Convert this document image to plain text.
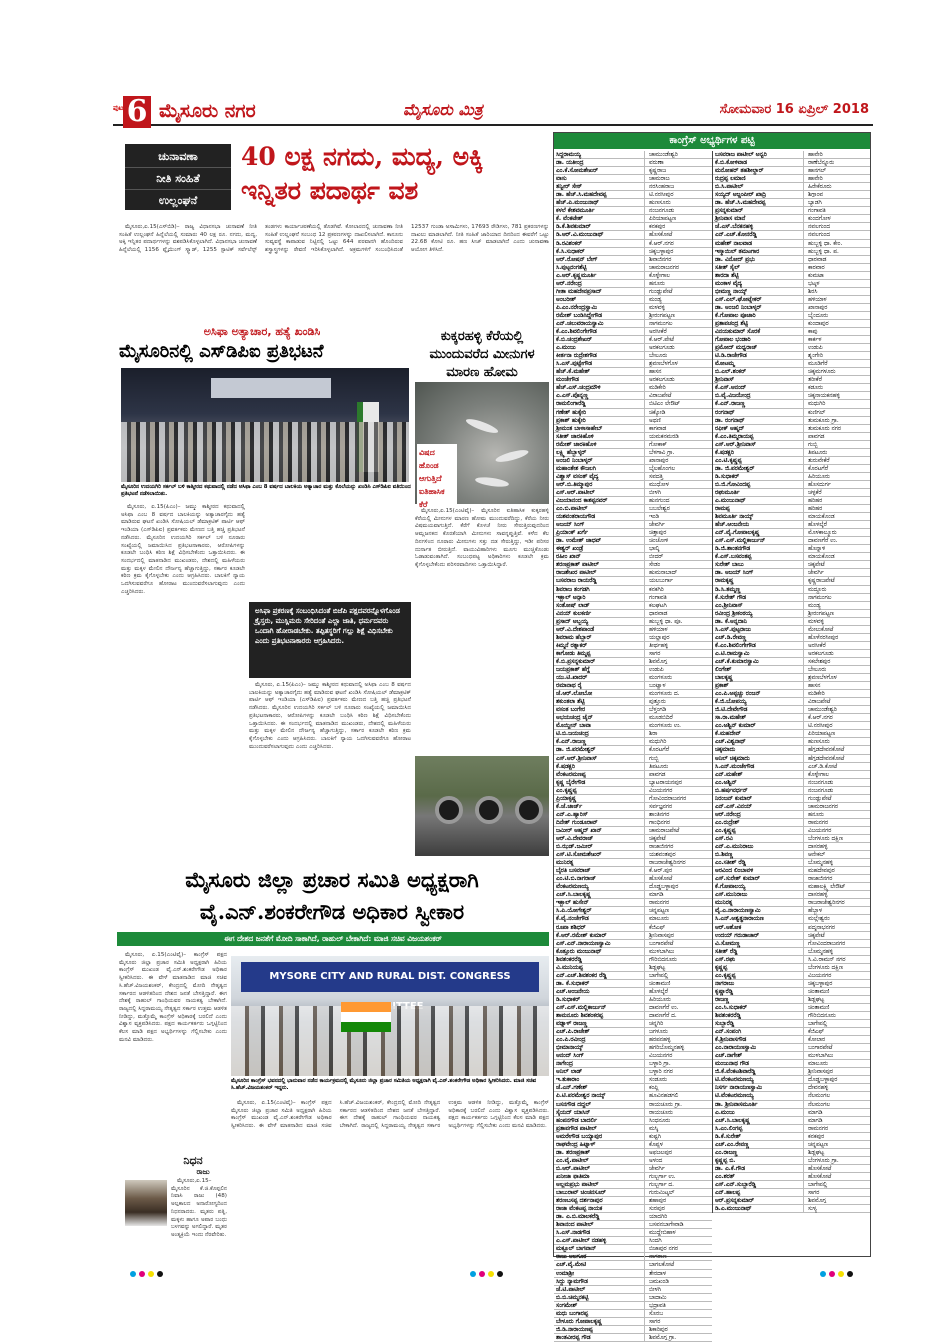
ಪುಟ 6 ಮೈಸೂರು ನಗರ	ಮೈಸೂರು ಮಿತ್ರ	ಸೋಮವಾರ 16 ಏಪ್ರಿಲ್ 2018
ಚುನಾವಣಾ
ನೀತಿ ಸಂಹಿತೆ
ಉಲ್ಲಂಘನೆ
40 ಲಕ್ಷ ನಗದು, ಮದ್ಯ, ಅಕ್ಕಿ ಇನ್ನಿತರ ಪದಾರ್ಥ ವಶ

ಮೈಸೂರು,ಏ.15(ಎಸ್‌ಬಿಡಿ)– ರಾಜ್ಯ ವಿಧಾನಸಭಾ ಚುನಾವಣೆ ನೀತಿ ಸಂಹಿತೆ ಉಲ್ಲಂಘನೆ ಹಿನ್ನೆಲೆಯಲ್ಲಿ ಸುಮಾರು 40 ಲಕ್ಷ ರೂ. ನಗದು, ಮದ್ಯ, ಅಕ್ಕಿ ಇನ್ನಿತರ ಪದಾರ್ಥಗಳನ್ನು ವಶಪಡಿಸಿಕೊಳ್ಳಲಾಗಿದೆ. ವಿಧಾನಸಭಾ ಚುನಾವಣೆ ಹಿನ್ನೆಲೆಯಲ್ಲಿ 1156 ಫ್ಲೈಯಿಂಗ್ ಸ್ಕ್ವಾಡ್, 1255 ಸ್ಟಾಟಿಕ್ ಸರ್ವೆಲೆನ್ಸ್ ತಂಡಗಳು ಕಾರ್ಯಾಚರಣೆಯಲ್ಲಿ ತೊಡಗಿವೆ. ಕೋಲಾರದಲ್ಲಿ ಚುನಾವಣಾ ನೀತಿ ಸಂಹಿತೆ ಉಲ್ಲಂಘನೆ ಸಂಬಂಧ 12 ಪ್ರಕರಣಗಳನ್ನು ದಾಖಲಿಸಲಾಗಿದೆ. ಕಾನೂನು ಸುವ್ಯವಸ್ಥೆ ಕಾಪಾಡುವ ನಿಟ್ಟಿನಲ್ಲಿ ಒಟ್ಟು 644 ಪರವಾನಗಿ ಹೊಂದಿರುವ ಶಸ್ತ್ರಾಸ್ತ್ರಗಳನ್ನು ಠೇವಣಿ ಇರಿಸಿಕೊಳ್ಳಲಾಗಿದೆ. ಅಕ್ರಮಗಳಿಗೆ ಸಂಬಂಧಿಸಿದಂತೆ 12537 ಗುಂಡಾ ಅಸಾಮಿಗಳು, 17693 ರೌಡಿಗಳು, 781 ಪ್ರಕರಣಗಳನ್ನು ದಾಖಲು ಮಾಡಲಾಗಿದೆ. ನೀತಿ ಸಂಹಿತೆ ಜಾರಿಯಾದ ದಿನದಿಂದ ಈವರೆಗೆ ಒಟ್ಟು 22.68 ಕೋಟಿ ರೂ. ಹಣ ಸೀಜ್ ಮಾಡಲಾಗಿದೆ ಎಂದು ಚುನಾವಣಾ ಆಯೋಗ ತಿಳಿಸಿದೆ.

ಅಸಿಫಾ ಅತ್ಯಾಚಾರ, ಹತ್ಯೆ ಖಂಡಿಸಿ
ಮೈಸೂರಿನಲ್ಲಿ ಎಸ್‌ಡಿಪಿಐ ಪ್ರತಿಭಟನೆ
ಮೈಸೂರಿನ ಉದಯಗಿರಿ ಸರ್ಕಲ್ ಬಳಿ ಕಾಶ್ಮೀರದ ಕಥುವಾದಲ್ಲಿ ನಡೆದ ಅಸಿಫಾ ಎಂಬ 8 ವರ್ಷದ ಬಾಲಕಿಯ ಅತ್ಯಾಚಾರ ಮತ್ತು ಕೊಲೆಯನ್ನು ಖಂಡಿಸಿ ಎಸ್‌ಡಿಪಿಐ ವತಿಯಿಂದ ಪ್ರತಿಭಟನೆ ನಡೆಸಲಾಯಿತು.

ಮೈಸೂರು, ಏ.15(ಪಿಎಂ)– ಜಮ್ಮು ಕಾಶ್ಮೀರದ ಕಥುವಾದಲ್ಲಿ ಅಸಿಫಾ ಎಂಬ 8 ವರ್ಷದ ಬಾಲಕಿಯನ್ನು ಅತ್ಯಾಚಾರಗೈದು ಹತ್ಯೆ ಮಾಡಿರುವ ಘಟನೆ ಖಂಡಿಸಿ ಸೋಷಿಯಲ್ ಡೆಮಾಕ್ರಟಿಕ್ ಪಾರ್ಟಿ ಆಫ್ ಇಂಡಿಯಾ (ಎಸ್‌ಡಿಪಿಐ) ಪ್ರವರ್ತಕರು ಮೇಣದ ಬತ್ತಿ ಹಚ್ಚಿ ಪ್ರತಿಭಟನೆ ನಡೆಸಿದರು. ಮೈಸೂರಿನ ಉದಯಗಿರಿ ಸರ್ಕಲ್ ಬಳಿ ನೂರಾರು ಸಂಖ್ಯೆಯಲ್ಲಿ ಜಮಾಯಿಸಿದ ಪ್ರತಿಭಟನಾಕಾರರು, ಆರೋಪಿಗಳನ್ನು ಕೂಡಲೇ ಬಂಧಿಸಿ ಕಠಿಣ ಶಿಕ್ಷೆ ವಿಧಿಸಬೇಕೆಂದು ಒತ್ತಾಯಿಸಿದರು. ಈ ಸಂದರ್ಭದಲ್ಲಿ ಮಾತನಾಡಿದ ಮುಖಂಡರು, ದೇಶದಲ್ಲಿ ಮಹಿಳೆಯರು ಮತ್ತು ಮಕ್ಕಳ ಮೇಲಿನ ದೌರ್ಜನ್ಯ ಹೆಚ್ಚಾಗುತ್ತಿದ್ದು, ಸರ್ಕಾರ ಕೂಡಲೇ ಕಠಿಣ ಕ್ರಮ ಕೈಗೊಳ್ಳಬೇಕು ಎಂದು ಆಗ್ರಹಿಸಿದರು. ಬಾಲಕಿಗೆ ನ್ಯಾಯ ಒದಗಿಸುವವರೆಗೂ ಹೋರಾಟ ಮುಂದುವರೆಸಲಾಗುವುದು ಎಂದು ಎಚ್ಚರಿಸಿದರು.

ಅಸಿಫಾ ಪ್ರಕರಣಕ್ಕೆ ಸಂಬಂಧಿಸಿದಂತೆ ಬಿಜೆಪಿ ಪಕ್ಷದವರನ್ನೊಳಗೊಂಡ ಕ್ರೈಸ್ತರು, ಮುಸ್ಲಿಮರು ಸೇರಿದಂತೆ ಎಲ್ಲಾ ಜಾತಿ, ಧರ್ಮದವರು ಒಂದಾಗಿ ಹೋರಾಡಬೇಕು. ತಪ್ಪಿತಸ್ಥರಿಗೆ ಗಲ್ಲು ಶಿಕ್ಷೆ ವಿಧಿಸಬೇಕು ಎಂದು ಪ್ರತಿಭಟನಾಕಾರರು ಆಗ್ರಹಿಸಿದರು.

ಮೈಸೂರು, ಏ.15(ಪಿಎಂ)– ಜಮ್ಮು ಕಾಶ್ಮೀರದ ಕಥುವಾದಲ್ಲಿ ಅಸಿಫಾ ಎಂಬ 8 ವರ್ಷದ ಬಾಲಕಿಯನ್ನು ಅತ್ಯಾಚಾರಗೈದು ಹತ್ಯೆ ಮಾಡಿರುವ ಘಟನೆ ಖಂಡಿಸಿ ಸೋಷಿಯಲ್ ಡೆಮಾಕ್ರಟಿಕ್ ಪಾರ್ಟಿ ಆಫ್ ಇಂಡಿಯಾ (ಎಸ್‌ಡಿಪಿಐ) ಪ್ರವರ್ತಕರು ಮೇಣದ ಬತ್ತಿ ಹಚ್ಚಿ ಪ್ರತಿಭಟನೆ ನಡೆಸಿದರು. ಮೈಸೂರಿನ ಉದಯಗಿರಿ ಸರ್ಕಲ್ ಬಳಿ ನೂರಾರು ಸಂಖ್ಯೆಯಲ್ಲಿ ಜಮಾಯಿಸಿದ ಪ್ರತಿಭಟನಾಕಾರರು, ಆರೋಪಿಗಳನ್ನು ಕೂಡಲೇ ಬಂಧಿಸಿ ಕಠಿಣ ಶಿಕ್ಷೆ ವಿಧಿಸಬೇಕೆಂದು ಒತ್ತಾಯಿಸಿದರು. ಈ ಸಂದರ್ಭದಲ್ಲಿ ಮಾತನಾಡಿದ ಮುಖಂಡರು, ದೇಶದಲ್ಲಿ ಮಹಿಳೆಯರು ಮತ್ತು ಮಕ್ಕಳ ಮೇಲಿನ ದೌರ್ಜನ್ಯ ಹೆಚ್ಚಾಗುತ್ತಿದ್ದು, ಸರ್ಕಾರ ಕೂಡಲೇ ಕಠಿಣ ಕ್ರಮ ಕೈಗೊಳ್ಳಬೇಕು ಎಂದು ಆಗ್ರಹಿಸಿದರು. ಬಾಲಕಿಗೆ ನ್ಯಾಯ ಒದಗಿಸುವವರೆಗೂ ಹೋರಾಟ ಮುಂದುವರೆಸಲಾಗುವುದು ಎಂದು ಎಚ್ಚರಿಸಿದರು.

ಕುಕ್ಕರಹಳ್ಳಿ ಕೆರೆಯಲ್ಲಿ ಮುಂದುವರೆದ ಮೀನುಗಳ ಮಾರಣ ಹೋಮ
ವಿಷದ ಹೊಂಡ ಆಗುತ್ತಿದೆ ಐತಿಹಾಸಿಕ ಕೆರೆ

ಮೈಸೂರು,ಏ.15(ಎಂಟಿವೈ)– ಮೈಸೂರಿನ ಐತಿಹಾಸಿಕ ಕುಕ್ಕರಹಳ್ಳಿ ಕೆರೆಯಲ್ಲಿ ಮೀನುಗಳ ಮಾರಣ ಹೋಮ ಮುಂದುವರೆದಿದ್ದು, ಕೆರೆಯ ನೀರು ವಿಷಮಯವಾಗುತ್ತಿದೆ. ಕೆರೆಗೆ ಕೊಳಚೆ ನೀರು ಸೇರುತ್ತಿರುವುದರಿಂದ ಆಮ್ಲಜನಕದ ಕೊರತೆಯಾಗಿ ಮೀನುಗಳು ಸಾವನ್ನಪ್ಪುತ್ತಿವೆ. ಕಳೆದ ಕೆಲ ದಿನಗಳಿಂದ ನೂರಾರು ಮೀನುಗಳು ಸತ್ತು ದಡ ಸೇರುತ್ತಿದ್ದು, ಇಡೀ ಪರಿಸರ ದುರ್ನಾತ ಬೀರುತ್ತಿದೆ. ವಾಯುವಿಹಾರಿಗಳು ಮೂಗು ಮುಚ್ಚಿಕೊಂಡು ಓಡಾಡುವಂತಾಗಿದೆ. ಸಂಬಂಧಪಟ್ಟ ಅಧಿಕಾರಿಗಳು ಕೂಡಲೇ ಕ್ರಮ ಕೈಗೊಳ್ಳಬೇಕೆಂದು ಪರಿಸರವಾದಿಗಳು ಒತ್ತಾಯಿಸಿದ್ದಾರೆ.

ಮೈಸೂರು ಜಿಲ್ಲಾ ಪ್ರಚಾರ ಸಮಿತಿ ಅಧ್ಯಕ್ಷರಾಗಿ ವೈ.ಎನ್.ಶಂಕರೇಗೌಡ ಅಧಿಕಾರ ಸ್ವೀಕಾರ
ಈಗ ದೇಶದ ಜನತೆಗೆ ಮೋದಿ ಸಾಕಾಗಿದೆ, ರಾಹುಲ್ ಬೇಕಾಗಿದೆ: ಮಾಜಿ ಸಚಿವ ವಿಜಯಶಂಕರ್

ಮೈಸೂರು, ಏ.15(ಎಂಟಿವೈ)– ಕಾಂಗ್ರೆಸ್ ಪಕ್ಷದ ಮೈಸೂರು ಜಿಲ್ಲಾ ಪ್ರಚಾರ ಸಮಿತಿ ಅಧ್ಯಕ್ಷರಾಗಿ ಹಿರಿಯ ಕಾಂಗ್ರೆಸ್ ಮುಖಂಡ ವೈ.ಎನ್.ಶಂಕರೇಗೌಡ ಅಧಿಕಾರ ಸ್ವೀಕರಿಸಿದರು. ಈ ವೇಳೆ ಮಾತನಾಡಿದ ಮಾಜಿ ಸಚಿವ ಸಿ.ಹೆಚ್.ವಿಜಯಶಂಕರ್, ಕೇಂದ್ರದಲ್ಲಿ ಮೋದಿ ನೇತೃತ್ವದ ಸರ್ಕಾರದ ಆಡಳಿತದಿಂದ ದೇಶದ ಜನತೆ ಬೇಸತ್ತಿದ್ದಾರೆ. ಈಗ ದೇಶಕ್ಕೆ ರಾಹುಲ್ ಗಾಂಧಿಯವರ ನಾಯಕತ್ವ ಬೇಕಾಗಿದೆ. ರಾಜ್ಯದಲ್ಲಿ ಸಿದ್ದರಾಮಯ್ಯ ನೇತೃತ್ವದ ಸರ್ಕಾರ ಉತ್ತಮ ಆಡಳಿತ ನೀಡಿದ್ದು, ಮತ್ತೊಮ್ಮೆ ಕಾಂಗ್ರೆಸ್ ಅಧಿಕಾರಕ್ಕೆ ಬರಲಿದೆ ಎಂದು ವಿಶ್ವಾಸ ವ್ಯಕ್ತಪಡಿಸಿದರು. ಪಕ್ಷದ ಕಾರ್ಯಕರ್ತರು ಒಗ್ಗಟ್ಟಿನಿಂದ ಕೆಲಸ ಮಾಡಿ ಪಕ್ಷದ ಅಭ್ಯರ್ಥಿಗಳನ್ನು ಗೆಲ್ಲಿಸಬೇಕು ಎಂದು ಮನವಿ ಮಾಡಿದರು.

MYSORE CITY AND RURAL DIST. CONGRESS
ಮೈಸೂರಿನ ಕಾಂಗ್ರೆಸ್ ಭವನದಲ್ಲಿ ಭಾನುವಾರ ನಡೆದ ಕಾರ್ಯಕ್ರಮದಲ್ಲಿ ಮೈಸೂರು ಜಿಲ್ಲಾ ಪ್ರಚಾರ ಸಮಿತಿಯ ಅಧ್ಯಕ್ಷರಾಗಿ ವೈ.ಎನ್.ಶಂಕರೇಗೌಡ ಅಧಿಕಾರ ಸ್ವೀಕರಿಸಿದರು. ಮಾಜಿ ಸಚಿವ ಸಿ.ಹೆಚ್.ವಿಜಯಶಂಕರ್ ಇದ್ದರು.

ಮೈಸೂರು, ಏ.15(ಎಂಟಿವೈ)– ಕಾಂಗ್ರೆಸ್ ಪಕ್ಷದ ಮೈಸೂರು ಜಿಲ್ಲಾ ಪ್ರಚಾರ ಸಮಿತಿ ಅಧ್ಯಕ್ಷರಾಗಿ ಹಿರಿಯ ಕಾಂಗ್ರೆಸ್ ಮುಖಂಡ ವೈ.ಎನ್.ಶಂಕರೇಗೌಡ ಅಧಿಕಾರ ಸ್ವೀಕರಿಸಿದರು. ಈ ವೇಳೆ ಮಾತನಾಡಿದ ಮಾಜಿ ಸಚಿವ ಸಿ.ಹೆಚ್.ವಿಜಯಶಂಕರ್, ಕೇಂದ್ರದಲ್ಲಿ ಮೋದಿ ನೇತೃತ್ವದ ಸರ್ಕಾರದ ಆಡಳಿತದಿಂದ ದೇಶದ ಜನತೆ ಬೇಸತ್ತಿದ್ದಾರೆ. ಈಗ ದೇಶಕ್ಕೆ ರಾಹುಲ್ ಗಾಂಧಿಯವರ ನಾಯಕತ್ವ ಬೇಕಾಗಿದೆ. ರಾಜ್ಯದಲ್ಲಿ ಸಿದ್ದರಾಮಯ್ಯ ನೇತೃತ್ವದ ಸರ್ಕಾರ ಉತ್ತಮ ಆಡಳಿತ ನೀಡಿದ್ದು, ಮತ್ತೊಮ್ಮೆ ಕಾಂಗ್ರೆಸ್ ಅಧಿಕಾರಕ್ಕೆ ಬರಲಿದೆ ಎಂದು ವಿಶ್ವಾಸ ವ್ಯಕ್ತಪಡಿಸಿದರು. ಪಕ್ಷದ ಕಾರ್ಯಕರ್ತರು ಒಗ್ಗಟ್ಟಿನಿಂದ ಕೆಲಸ ಮಾಡಿ ಪಕ್ಷದ ಅಭ್ಯರ್ಥಿಗಳನ್ನು ಗೆಲ್ಲಿಸಬೇಕು ಎಂದು ಮನವಿ ಮಾಡಿದರು.

ನಿಧನ
ರಾಜು

ಮೈಸೂರು,ಏ.15– ಮೈಸೂರಿನ ಕೆ.ಜಿ.ಕೊಪ್ಪಲಿನ ನಿವಾಸಿ ರಾಜು (48) ಅಲ್ಪಕಾಲದ ಅನಾರೋಗ್ಯದಿಂದ ನಿಧನರಾದರು. ಮೃತರು ಪತ್ನಿ, ಮಕ್ಕಳು ಹಾಗೂ ಅಪಾರ ಬಂಧು ಬಳಗವನ್ನು ಅಗಲಿದ್ದಾರೆ. ಮೃತರ ಅಂತ್ಯಕ್ರಿಯೆ ಇಂದು ನೆರವೇರಿತು.

ಕಾಂಗ್ರೆಸ್ ಅಭ್ಯರ್ಥಿಗಳ ಪಟ್ಟಿ
ಸಿದ್ದರಾಮಯ್ಯ	ಚಾಮುಂಡೇಶ್ವರಿ
ಡಾ. ಯತೀಂದ್ರ	ವರುಣಾ
ಎಂ.ಕೆ.ಸೋಮಶೇಖರ್	ಕೃಷ್ಣರಾಜ
ವಾಸು	ಚಾಮರಾಜ
ತನ್ವೀರ್ ಸೇಠ್	ನರಸಿಂಹರಾಜ
ಡಾ. ಹೆಚ್.ಸಿ.ಮಹದೇವಪ್ಪ	ಟಿ.ನರಸೀಪುರ
ಹೆಚ್.ಪಿ.ಮಂಜುನಾಥ್	ಹುಣಸೂರು
ಕಳಲೆ ಕೇಶವಮೂರ್ತಿ	ನಂಜನಗೂಡು
ಕೆ. ವೆಂಕಟೇಶ್	ಪಿರಿಯಾಪಟ್ಟಣ
ಡಿ.ಕೆ.ಶಿವಕುಮಾರ್	ಕನಕಪುರ
ಡಿ.ಆರ್.ವಿ.ಮಂಜುನಾಥ್	ಹೊಸಕೋಟೆ
ಡಿ.ರವಿಶಂಕರ್	ಕೆ.ಆರ್.ನಗರ
ಕೆ.ಸಿ.ಸುಧಾಕರ್	ಚಿಕ್ಕಬಳ್ಳಾಪುರ
ಆರ್.ರೋಷನ್ ಬೇಗ್	ಶಿವಾಜಿನಗರ
ಸಿ.ಪುಟ್ಟರಂಗಶೆಟ್ಟಿ	ಚಾಮರಾಜನಗರ
ಎ.ಆರ್.ಕೃಷ್ಣಮೂರ್ತಿ	ಕೊಳ್ಳೇಗಾಲ
ಆರ್.ನರೇಂದ್ರ	ಹನೂರು
ಗೀತಾ ಮಹದೇವಪ್ರಸಾದ್	ಗುಂಡ್ಲುಪೇಟೆ
ಅಂಬರೀಶ್	ಮಂಡ್ಯ
ಪಿ.ಎಂ.ನರೇಂದ್ರಸ್ವಾಮಿ	ಮಳವಳ್ಳಿ
ರಮೇಶ್ ಬಂಡಿಸಿದ್ದೇಗೌಡ	ಶ್ರೀರಂಗಪಟ್ಟಣ
ಎನ್.ಚಲುವರಾಯಸ್ವಾಮಿ	ನಾಗಮಂಗಲ
ಕೆ.ಎಂ.ಶಿವಲಿಂಗೇಗೌಡ	ಅರಸೀಕೆರೆ
ಕೆ.ಬಿ.ಚಂದ್ರಶೇಖರ್	ಕೆ.ಆರ್.ಪೇಟೆ
ಎ.ಮಂಜು	ಅರಕಲಗೂಡು
ಕೀರ್ತನಾ ರುದ್ರೇಶಗೌಡ	ಬೇಲೂರು
ಸಿ.ಎಸ್.ಪುಟ್ಟೇಗೌಡ	ಶ್ರವಣಬೆಳಗೊಳ
ಹೆಚ್.ಕೆ.ಮಹೇಶ್	ಹಾಸನ
ಮಂಜೇಗೌಡ	ಅರಕಲಗೂಡು
ಹೆಚ್.ಎಸ್.ಚಂದ್ರಮೌಳಿ	ಮಡಿಕೇರಿ
ಎ.ಎಸ್.ಪೊನ್ನಣ್ಣ	ವಿರಾಜಪೇಟೆ
ರಾಮಲಿಂಗಾರೆಡ್ಡಿ	ಬಿಟಿಎಂ ಲೇಔಟ್
ಗಣೇಶ್ ಹುಕ್ಕೇರಿ	ಚಿಕ್ಕೋಡಿ
ಪ್ರಕಾಶ್ ಹುಕ್ಕೇರಿ	ಅಥಣಿ
ಶ್ರೀಮಂತ ಬಾಳಾಸಾಹೇಬ್	ಕಾಗವಾಡ
ಸತೀಶ್ ಜಾರಕಿಹೊಳಿ	ಯಮಕನಮರಡಿ
ರಮೇಶ್ ಜಾರಕಿಹೊಳಿ	ಗೋಕಾಕ್
ಲಕ್ಷ್ಮಿ ಹೆಬ್ಬಾಳ್ಕರ್	ಬೆಳಗಾವಿ ಗ್ರಾ.
ಅಂಜಲಿ ನಿಂಬಾಳ್ಕರ್	ಖಾನಾಪುರ
ಮಹಾಂತೇಶ ಕೌಜಲಗಿ	ಬೈಲಹೊಂಗಲ
ವಿಶ್ವಾಸ್ ವಸಂತ್ ವೈದ್ಯ	ಸವದತ್ತಿ
ಆರ್.ಬಿ.ತಿಮ್ಮಾಪುರ	ಮುಧೋಳ
ಎಸ್.ಆರ್.ಪಾಟೀಲ್	ಬೀಳಗಿ
ವಿಜಯಾನಂದ ಕಾಶಪ್ಪನವರ್	ಹುನಗುಂದ
ಎಂ.ಬಿ.ಪಾಟೀಲ್	ಬಬಲೇಶ್ವರ
ಯಶವಂತರಾಯಗೌಡ	ಇಂಡಿ
ಅಜಯ್ ಸಿಂಗ್	ಜೇವರ್ಗಿ
ಪ್ರಿಯಾಂಕ್ ಖರ್ಗೆ	ಚಿತ್ತಾಪುರ
ಡಾ. ಉಮೇಶ್ ಜಾಧವ್	ಚಿಂಚೋಳಿ
ಈಶ್ವರ್ ಖಂಡ್ರೆ	ಭಾಲ್ಕಿ
ರಹೀಂ ಖಾನ್	ಬೀದರ್
ಶರಣಪ್ರಕಾಶ್ ಪಾಟೀಲ್	ಸೇಡಂ
ರಾಜಶೇಖರ ಪಾಟೀಲ್	ಹುಮನಾಬಾದ್
ಬಸವರಾಜ ರಾಯರೆಡ್ಡಿ	ಯಲಬುರ್ಗಾ
ಶಿವರಾಜ ತಂಗಡಗಿ	ಕನಕಗಿರಿ
ಇಕ್ಬಾಲ್ ಅನ್ಸಾರಿ	ಗಂಗಾವತಿ
ಸಂತೋಷ್ ಲಾಡ್	ಕಲಘಟಗಿ
ವಿನಯ್ ಕುಲಕರ್ಣಿ	ಧಾರವಾಡ
ಪ್ರಸಾದ್ ಅಬ್ಬಯ್ಯ	ಹುಬ್ಬಳ್ಳಿ ಧಾ. ಪೂ.
ಆರ್.ವಿ.ದೇಶಪಾಂಡೆ	ಹಳಿಯಾಳ
ಶಿವರಾಮ ಹೆಬ್ಬಾರ್	ಯಲ್ಲಾಪುರ
ಕಿಮ್ಮನೆ ರತ್ನಾಕರ್	ತೀರ್ಥಹಳ್ಳಿ
ಕಾಗೋಡು ತಿಮ್ಮಪ್ಪ	ಸಾಗರ
ಕೆ.ಬಿ.ಪ್ರಸನ್ನಕುಮಾರ್	ಶಿವಮೊಗ್ಗ
ಜಯಪ್ರಕಾಶ್ ಹೆಗ್ಡೆ	ಉಡುಪಿ
ಯು.ಟಿ.ಖಾದರ್	ಮಂಗಳೂರು
ರಮಾನಾಥ ರೈ	ಬಂಟ್ವಾಳ
ಜೆ.ಆರ್.ಲೋಬೋ	ಮಂಗಳೂರು ದ.
ಶಕುಂತಲಾ ಶೆಟ್ಟಿ	ಪುತ್ತೂರು
ವಸಂತ ಬಂಗೇರ	ಬೆಳ್ತಂಗಡಿ
ಅಭಯಚಂದ್ರ ಜೈನ್	ಮೂಡಬಿದಿರೆ
ಮೊಯ್ದೀನ್ ಬಾವಾ	ಮಂಗಳೂರು ಉ.
ಟಿ.ಬಿ.ಜಯಚಂದ್ರ	ಶಿರಾ
ಕೆ.ಎನ್.ರಾಜಣ್ಣ	ಮಧುಗಿರಿ
ಡಾ. ಜಿ.ಪರಮೇಶ್ವರ್	ಕೊರಟಗೆರೆ
ಎಸ್.ಆರ್.ಶ್ರೀನಿವಾಸ್	ಗುಬ್ಬಿ
ಕೆ.ಷಡಕ್ಷರಿ	ತಿಪಟೂರು
ವೆಂಕಟರಮಣಪ್ಪ	ಪಾವಗಡ
ಕೃಷ್ಣ ಬೈರೇಗೌಡ	ಬ್ಯಾಟರಾಯನಪುರ
ಎಂ.ಕೃಷ್ಣಪ್ಪ	ವಿಜಯನಗರ
ಪ್ರಿಯಾಕೃಷ್ಣ	ಗೋವಿಂದರಾಜನಗರ
ಕೆ.ಜೆ.ಜಾರ್ಜ್	ಸರ್ವಜ್ಞನಗರ
ಎನ್.ಎ.ಹ್ಯಾರಿಸ್	ಶಾಂತಿನಗರ
ದಿನೇಶ್ ಗುಂಡೂರಾವ್	ಗಾಂಧಿನಗರ
ಜಮೀರ್ ಅಹ್ಮದ್ ಖಾನ್	ಚಾಮರಾಜಪೇಟೆ
ಆರ್.ವಿ.ದೇವರಾಜ್	ಚಿಕ್ಕಪೇಟೆ
ಬಿ.ಝಡ್.ಜಮೀರ್	ರಾಜಾಜಿನಗರ
ಎಸ್.ಟಿ.ಸೋಮಶೇಖರ್	ಯಶವಂತಪುರ
ಮುನಿರತ್ನ	ರಾಜರಾಜೇಶ್ವರಿನಗರ
ಬೈರತಿ ಬಸವರಾಜ್	ಕೆ.ಆರ್.ಪುರ
ಎಂ.ಟಿ.ಬಿ.ನಾಗರಾಜ್	ಹೊಸಕೋಟೆ
ವೆಂಕಟರಮಣಯ್ಯ	ದೊಡ್ಡಬಳ್ಳಾಪುರ
ಎಚ್.ಸಿ.ಬಾಲಕೃಷ್ಣ	ಮಾಗಡಿ
ಇಕ್ಬಾಲ್ ಹುಸೇನ್	ರಾಮನಗರ
ಸಿ.ಪಿ.ಯೋಗೇಶ್ವರ್	ಚನ್ನಪಟ್ಟಣ
ಕೆ.ವೈ.ನಂಜೇಗೌಡ	ಮಾಲೂರು
ರೂಪಾ ಶಶಿಧರ್	ಕೆಜಿಎಫ್
ಕೆ.ಆರ್.ರಮೇಶ್ ಕುಮಾರ್	ಶ್ರೀನಿವಾಸಪುರ
ಎಸ್.ಎನ್.ನಾರಾಯಣಸ್ವಾಮಿ	ಬಂಗಾರಪೇಟೆ
ಕೊತ್ತೂರು ಮಂಜುನಾಥ್	ಮುಳಬಾಗಿಲು
ಶಿವಶಂಕರರೆಡ್ಡಿ	ಗೌರಿಬಿದನೂರು
ವಿ.ಮುನಿಯಪ್ಪ	ಶಿಡ್ಲಘಟ್ಟ
ಎನ್.ಎಚ್.ಶಿವಶಂಕರ ರೆಡ್ಡಿ	ಬಾಗೇಪಲ್ಲಿ
ಡಾ. ಕೆ.ಸುಧಾಕರ್	ಚಿಂತಾಮಣಿ
ಎಚ್.ಆಂಜನೇಯ	ಹೊಳಲ್ಕೆರೆ
ಡಿ.ಸುಧಾಕರ್	ಹಿರಿಯೂರು
ಎಸ್.ಎಸ್.ಮಲ್ಲಿಕಾರ್ಜುನ್	ದಾವಣಗೆರೆ ಉ.
ಶಾಮನೂರು ಶಿವಶಂಕರಪ್ಪ	ದಾವಣಗೆರೆ ದ.
ವಡ್ನಾಳ್ ರಾಜಣ್ಣ	ಚನ್ನಗಿರಿ
ಎಚ್.ಪಿ.ರಾಜೇಶ್	ಜಗಳೂರು
ಎಂ.ಪಿ.ರವೀಂದ್ರ	ಹರಪನಹಳ್ಳಿ
ಭೀಮಾನಾಯ್ಕ್	ಹಗರಿಬೊಮ್ಮನಹಳ್ಳಿ
ಆನಂದ್ ಸಿಂಗ್	ವಿಜಯನಗರ
ನಾಗೇಂದ್ರ	ಬಳ್ಳಾರಿ ಗ್ರಾ.
ಅನಿಲ್ ಲಾಡ್	ಬಳ್ಳಾರಿ ನಗರ
ಇ.ತುಕಾರಾಂ	ಸಂಡೂರು
ಜೆ.ಎನ್.ಗಣೇಶ್	ಕಂಪ್ಲಿ
ಪಿ.ಟಿ.ಪರಮೇಶ್ವರ ನಾಯ್ಕ್	ಹೂವಿನಹಡಗಲಿ
ಬಸನಗೌಡ ದದ್ದಲ್	ರಾಯಚೂರು ಗ್ರಾ.
ಸೈಯದ್ ಯಾಸಿನ್	ರಾಯಚೂರು
ಹಂಪನಗೌಡ ಬಾದರ್ಲಿ	ಸಿಂಧನೂರು
ಪ್ರತಾಪಗೌಡ ಪಾಟೀಲ್	ಮಸ್ಕಿ
ಅಮರೇಗೌಡ ಬಯ್ಯಾಪುರ	ಕುಷ್ಟಗಿ
ರಾಘವೇಂದ್ರ ಹಿಟ್ನಾಳ್	ಕೊಪ್ಪಳ
ಡಾ. ಶರಣಪ್ರಕಾಶ್	ಅಫಜಲಪುರ
ಎಂ.ವೈ.ಪಾಟೀಲ್	ಅಳಂದ
ಬಿ.ಆರ್.ಪಾಟೀಲ್	ಜೇವರ್ಗಿ
ಖನೀಜಾ ಫಾತಿಮಾ	ಗುಲ್ಬರ್ಗಾ ಉ.
ಅಲ್ಲಮಪ್ರಭು ಪಾಟೀಲ್	ಗುಲ್ಬರ್ಗಾ ದ.
ಬಾಬುರಾವ್ ಚಿಂಚನಸೂರ್	ಗುರುಮಿಟ್ಕಲ್
ಶರಣಬಸಪ್ಪ ದರ್ಶನಾಪುರ	ಶಹಾಪುರ
ರಾಜಾ ವೆಂಕಟಪ್ಪ ನಾಯಕ	ಸುರಪುರ
ಡಾ. ಎ.ಬಿ.ಮಾಲಕರೆಡ್ಡಿ	ಯಾದಗಿರಿ
ಶಿವಾನಂದ ಪಾಟೀಲ್	ಬಸವನಬಾಗೇವಾಡಿ
ಸಿ.ಎಸ್.ನಾಡಗೌಡ	ಮುದ್ದೇಬಿಹಾಳ
ಎ.ಎಸ್.ಪಾಟೀಲ್ ನಡಹಳ್ಳಿ	ಸಿಂದಗಿ
ಮಕ್ಬೂಲ್ ಬಾಗವಾನ್	ಬಿಜಾಪುರ ನಗರ
ರಾಜು ಆಲಗೂರ	ನಾಗಠಾಣ
ಎಚ್.ವೈ.ಮೇಟಿ	ಬಾಗಲಕೋಟೆ
ಉಮಾಶ್ರೀ	ತೇರದಾಳ
ಸಿದ್ದು ನ್ಯಾಮಗೌಡ	ಜಮಖಂಡಿ
ಜೆ.ಟಿ.ಪಾಟೀಲ್	ಬೀಳಗಿ
ಬಿ.ಬಿ.ಚಿಮ್ಮನಕಟ್ಟಿ	ಬಾದಾಮಿ
ಸಂಗಮೇಶ್	ಭದ್ರಾವತಿ
ಮಧು ಬಂಗಾರಪ್ಪ	ಸೊರಬ
ಬೇಳೂರು ಗೋಪಾಲಕೃಷ್ಣ	ಸಾಗರ
ಜಿ.ಡಿ.ನಾರಾಯಣಪ್ಪ	ಶಿಕಾರಿಪುರ
ಶಾಂತವೀರಪ್ಪ ಗೌಡ	ಶಿವಮೊಗ್ಗ ಗ್ರಾ.
ಬಸವರಾಜ ಪಾಟೀಲ್ ಅನ್ವರಿ	ಹಾವೇರಿ
ಕೆ.ಬಿ.ಕೋಳಿವಾಡ	ರಾಣೆಬೆನ್ನೂರು
ಮನೋಹರ್ ತಹಶೀಲ್ದಾರ್	ಹಾನಗಲ್
ರುದ್ರಪ್ಪ ಲಮಾಣಿ	ಹಾವೇರಿ
ಬಿ.ಸಿ.ಪಾಟೀಲ್	ಹಿರೇಕೆರೂರು
ಸಯ್ಯದ್ ಅಜ್ಜಂಪೀರ್ ಖಾದ್ರಿ	ಶಿಗ್ಗಾಂವ
ಡಾ. ಹೆಚ್.ಸಿ.ಮಹದೇವಪ್ಪ	ಬ್ಯಾಡಗಿ
ಪ್ರಸನ್ನಕುಮಾರ್	ಗಂಗಾವತಿ
ಶ್ರೀನಿವಾಸ ಮಾನೆ	ಕುಂದಗೋಳ
ಜೆ.ಎಸ್.ಬೆನಕನಹಳ್ಳಿ	ನವಲಗುಂದ
ಎನ್.ಎಚ್.ಕೋನರೆಡ್ಡಿ	ನವಲಗುಂದ
ಮಹೇಶ್ ನಾಲವಾಡ	ಹುಬ್ಬಳ್ಳಿ ಧಾ. ಕೇಂ.
ಇಸ್ಮಾಯಿಲ್ ತಮಟಗಾರ	ಹುಬ್ಬಳ್ಳಿ ಧಾ. ಪ.
ಡಾ. ವಿನೋದ್ ಪ್ರಭು	ಧಾರವಾಡ
ಸತೀಶ್ ಸೈಲ್	ಕಾರವಾರ
ಶಾರದಾ ಶೆಟ್ಟಿ	ಕುಮಟಾ
ಮಂಕಾಳ ವೈದ್ಯ	ಭಟ್ಕಳ
ಭೀಮಣ್ಣ ನಾಯ್ಕ್	ಶಿರಸಿ
ಎಸ್.ಎಲ್.ಘೋಟ್ನೇಕರ್	ಹಳಿಯಾಳ
ಡಾ. ಅಂಜಲಿ ನಿಂಬಾಳ್ಕರ್	ಖಾನಾಪುರ
ಕೆ.ಗೋಪಾಲ ಪೂಜಾರಿ	ಬೈಂದೂರು
ಪ್ರತಾಪಚಂದ್ರ ಶೆಟ್ಟಿ	ಕುಂದಾಪುರ
ವಿನಯಕುಮಾರ್ ಸೊರಕೆ	ಕಾಪು
ಗೋಪಾಲ ಭಂಡಾರಿ	ಕಾರ್ಕಳ
ಪ್ರಮೋದ್ ಮಧ್ವರಾಜ್	ಉಡುಪಿ
ಟಿ.ಡಿ.ರಾಜೇಗೌಡ	ಶೃಂಗೇರಿ
ಮೋಟಮ್ಮ	ಮೂಡಿಗೆರೆ
ಬಿ.ಎಲ್.ಶಂಕರ್	ಚಿಕ್ಕಮಗಳೂರು
ಶ್ರೀನಿವಾಸ್	ತರೀಕೆರೆ
ಕೆ.ಎಸ್.ಆನಂದ್	ಕಡೂರು
ಬಿ.ವೈ.ವಿಜಯೇಂದ್ರ	ಚಿಕ್ಕನಾಯಕನಹಳ್ಳಿ
ಕೆ.ಎನ್.ರಾಜಣ್ಣ	ಮಧುಗಿರಿ
ರಂಗನಾಥ್	ಕುಣಿಗಲ್
ಡಾ. ರಂಗನಾಥ್	ತುಮಕೂರು ಗ್ರಾ.
ರಫೀಕ್ ಅಹ್ಮದ್	ತುಮಕೂರು ನಗರ
ಕೆ.ಎಂ.ತಿಮ್ಮರಾಯಪ್ಪ	ಪಾವಗಡ
ಎಸ್.ಆರ್.ಶ್ರೀನಿವಾಸ್	ಗುಬ್ಬಿ
ಕೆ.ಷಡಕ್ಷರಿ	ತಿಪಟೂರು
ಎಂ.ಟಿ.ಕೃಷ್ಣಪ್ಪ	ತುರುವೇಕೆರೆ
ಡಾ. ಜಿ.ಪರಮೇಶ್ವರ್	ಕೊರಟಗೆರೆ
ಡಿ.ಸುಧಾಕರ್	ಹಿರಿಯೂರು
ಬಿ.ಜಿ.ಗೋವಿಂದಪ್ಪ	ಹೊಸದುರ್ಗ
ರಘುಮೂರ್ತಿ	ಚಳ್ಳಕೆರೆ
ಎ.ಮಂಜುನಾಥ್	ಹರಿಹರ
ರಾಮಪ್ಪ	ಹರಿಹರ
ಶಿವಮೂರ್ತಿ ನಾಯ್ಕ್	ಮಾಯಕೊಂಡ
ಹೆಚ್.ಆಂಜನೇಯ	ಹೊಳಲ್ಕೆರೆ
ಎನ್.ವೈ.ಗೋಪಾಲಕೃಷ್ಣ	ಮೊಳಕಾಲ್ಮೂರು
ಎಸ್.ಎಸ್.ಮಲ್ಲಿಕಾರ್ಜುನ್	ದಾವಣಗೆರೆ ಉ.
ಡಿ.ಜಿ.ಶಾಂತನಗೌಡ	ಹೊನ್ನಾಳಿ
ಕೆ.ಎಸ್.ಬಸವಂತಪ್ಪ	ಮಾಯಕೊಂಡ
ಸುರೇಶ್ ಬಾಬು	ಚಿಕ್ಕಪೇಟೆ
ಡಾ. ಅಜಯ್ ಸಿಂಗ್	ಜೇವರ್ಗಿ
ರಾಮಕೃಷ್ಣ	ಕೃಷ್ಣರಾಜಪೇಟೆ
ಡಿ.ಸಿ.ತಮ್ಮಣ್ಣ	ಮದ್ದೂರು
ಕೆ.ಸುರೇಶ್ ಗೌಡ	ನಾಗಮಂಗಲ
ಎಂ.ಶ್ರೀನಿವಾಸ್	ಮಂಡ್ಯ
ರವೀಂದ್ರ ಶ್ರೀಕಂಠಯ್ಯ	ಶ್ರೀರಂಗಪಟ್ಟಣ
ಡಾ. ಕೆ.ಅನ್ನದಾನಿ	ಮಳವಳ್ಳಿ
ಸಿ.ಎಸ್.ಪುಟ್ಟರಾಜು	ಮೇಲುಕೋಟೆ
ಎಚ್.ಡಿ.ರೇವಣ್ಣ	ಹೊಳೆನರಸೀಪುರ
ಕೆ.ಎಂ.ಶಿವಲಿಂಗೇಗೌಡ	ಅರಸೀಕೆರೆ
ಎ.ಟಿ.ರಾಮಸ್ವಾಮಿ	ಅರಕಲಗೂಡು
ಎಚ್.ಕೆ.ಕುಮಾರಸ್ವಾಮಿ	ಸಕಲೇಶಪುರ
ಲಿಂಗೇಶ್	ಬೇಲೂರು
ಬಾಲಕೃಷ್ಣ	ಶ್ರವಣಬೆಳಗೊಳ
ಪ್ರಕಾಶ್	ಹಾಸನ
ಎಂ.ಪಿ.ಅಪ್ಪಚ್ಚು ರಂಜನ್	ಮಡಿಕೇರಿ
ಕೆ.ಜಿ.ಬೋಪಯ್ಯ	ವಿರಾಜಪೇಟೆ
ಜಿ.ಟಿ.ದೇವೇಗೌಡ	ಚಾಮುಂಡೇಶ್ವರಿ
ಸಾ.ರಾ.ಮಹೇಶ್	ಕೆ.ಆರ್.ನಗರ
ಎಂ.ಅಶ್ವಿನ್ ಕುಮಾರ್	ಟಿ.ನರಸೀಪುರ
ಕೆ.ಮಹದೇವ್	ಪಿರಿಯಾಪಟ್ಟಣ
ಎಚ್.ವಿಶ್ವನಾಥ್	ಹುಣಸೂರು
ಚಿಕ್ಕಮಾದು	ಹೆಗ್ಗಡದೇವನಕೋಟೆ
ಅನಿಲ್ ಚಿಕ್ಕಮಾದು	ಹೆಗ್ಗಡದೇವನಕೋಟೆ
ಸಿ.ಎನ್.ಮಂಜೇಗೌಡ	ಎಚ್.ಡಿ.ಕೋಟೆ
ಎನ್.ಮಹೇಶ್	ಕೊಳ್ಳೇಗಾಲ
ಎಂ.ಅಶ್ವಿನ್	ನಂಜನಗೂಡು
ಬಿ.ಹರ್ಷವರ್ಧನ್	ನಂಜನಗೂಡು
ನಿರಂಜನ್ ಕುಮಾರ್	ಗುಂಡ್ಲುಪೇಟೆ
ಎನ್.ಎಸ್.ವಿನಯ್	ಚಾಮರಾಜನಗರ
ಆರ್.ನರೇಂದ್ರ	ಹನೂರು
ಎಂ.ರುದ್ರೇಶ್	ರಾಮನಗರ
ಎಂ.ಕೃಷ್ಣಪ್ಪ	ವಿಜಯನಗರ
ಎಸ್.ರವಿ	ಬೆಂಗಳೂರು ದಕ್ಷಿಣ
ಎನ್.ಎ.ಮುನಿರಾಜು	ದಾಸರಹಳ್ಳಿ
ಬಿ.ಶಿವಣ್ಣ	ಆನೇಕಲ್
ಎಂ.ಸತೀಶ್ ರೆಡ್ಡಿ	ಬೊಮ್ಮನಹಳ್ಳಿ
ಅರವಿಂದ ಲಿಂಬಾವಳಿ	ಮಹದೇವಪುರ
ಎಸ್.ಸುರೇಶ್ ಕುಮಾರ್	ರಾಜಾಜಿನಗರ
ಕೆ.ಗೋಪಾಲಯ್ಯ	ಮಹಾಲಕ್ಷ್ಮಿ ಲೇಔಟ್
ಎಸ್.ಮುನಿರಾಜು	ದಾಸರಹಳ್ಳಿ
ಮುನಿರತ್ನ	ರಾಜರಾಜೇಶ್ವರಿನಗರ
ವೈ.ಎ.ನಾರಾಯಣಸ್ವಾಮಿ	ಹೆಬ್ಬಾಳ
ಸಿ.ಎನ್.ಅಶ್ವತ್ಥನಾರಾಯಣ	ಮಲ್ಲೇಶ್ವರಂ
ಆರ್.ಅಶೋಕ	ಪದ್ಮನಾಭನಗರ
ಉದಯ್ ಗರುಡಾಚಾರ್	ಚಿಕ್ಕಪೇಟೆ
ವಿ.ಸೋಮಣ್ಣ	ಗೋವಿಂದರಾಜನಗರ
ಸತೀಶ್ ರೆಡ್ಡಿ	ಬೊಮ್ಮನಹಳ್ಳಿ
ಎಸ್.ರಘು	ಸಿ.ವಿ.ರಾಮನ್ ನಗರ
ಕೃಷ್ಣಪ್ಪ	ಬೆಂಗಳೂರು ದಕ್ಷಿಣ
ಎಂ.ಕೃಷ್ಣಪ್ಪ	ವಿಜಯನಗರ
ನಾಗರಾಜು	ಚಿಕ್ಕಬಳ್ಳಾಪುರ
ಕೃಷ್ಣಾರೆಡ್ಡಿ	ಚಿಂತಾಮಣಿ
ರಾಜಣ್ಣ	ಶಿಡ್ಲಘಟ್ಟ
ಎಂ.ಸಿ.ಸುಧಾಕರ್	ಚಿಂತಾಮಣಿ
ಶಿವಶಂಕರರೆಡ್ಡಿ	ಗೌರಿಬಿದನೂರು
ಸುಬ್ಬಾರೆಡ್ಡಿ	ಬಾಗೇಪಲ್ಲಿ
ಎನ್.ಸಂಪಂಗಿ	ಕೆಜಿಎಫ್
ಕೆ.ಶ್ರೀನಿವಾಸಗೌಡ	ಕೋಲಾರ
ಎಂ.ನಾರಾಯಣಸ್ವಾಮಿ	ಬಂಗಾರಪೇಟೆ
ಎಚ್.ನಾಗೇಶ್	ಮುಳಬಾಗಿಲು
ಮಂಜುನಾಥ ಗೌಡ	ಮಾಲೂರು
ಜಿ.ಕೆ.ವೆಂಕಟಶಿವಾರೆಡ್ಡಿ	ಶ್ರೀನಿವಾಸಪುರ
ಟಿ.ವೆಂಕಟರಮಣಯ್ಯ	ದೊಡ್ಡಬಳ್ಳಾಪುರ
ನಿಸರ್ಗ ನಾರಾಯಣಸ್ವಾಮಿ	ದೇವನಹಳ್ಳಿ
ಟಿ.ವೆಂಕಟರಮಣಯ್ಯ	ನೆಲಮಂಗಲ
ಡಾ. ಶ್ರೀನಿವಾಸಮೂರ್ತಿ	ನೆಲಮಂಗಲ
ಎ.ಮಂಜು	ಮಾಗಡಿ
ಎಚ್.ಸಿ.ಬಾಲಕೃಷ್ಣ	ಮಾಗಡಿ
ಸಿ.ಎಂ.ಲಿಂಗಪ್ಪ	ರಾಮನಗರ
ಡಿ.ಕೆ.ಸುರೇಶ್	ಕನಕಪುರ
ಎಚ್.ಎಂ.ರೇವಣ್ಣ	ಚನ್ನಪಟ್ಟಣ
ಎಂ.ರಾಜಣ್ಣ	ಶಿಡ್ಲಘಟ್ಟ
ಕೃಷ್ಣಪ್ಪ ಬಿ.	ಬೆಂಗಳೂರು ಗ್ರಾ.
ಡಾ. ಎ.ಕೆ.ಗೌಡ	ಹೊಸಕೋಟೆ
ಎಂ.ಶರತ್	ಹೊಸಕೋಟೆ
ಎಸ್.ಎನ್.ಸುಬ್ಬಾರೆಡ್ಡಿ	ಬಾಗೇಪಲ್ಲಿ
ಎನ್.ಹಾಲಪ್ಪ	ಸಾಗರ
ಆರ್.ಪ್ರಸನ್ನಕುಮಾರ್	ಶಿವಮೊಗ್ಗ
ಡಿ.ಎ.ಮಂಜುನಾಥ್	ಸುಳ್ಯ
